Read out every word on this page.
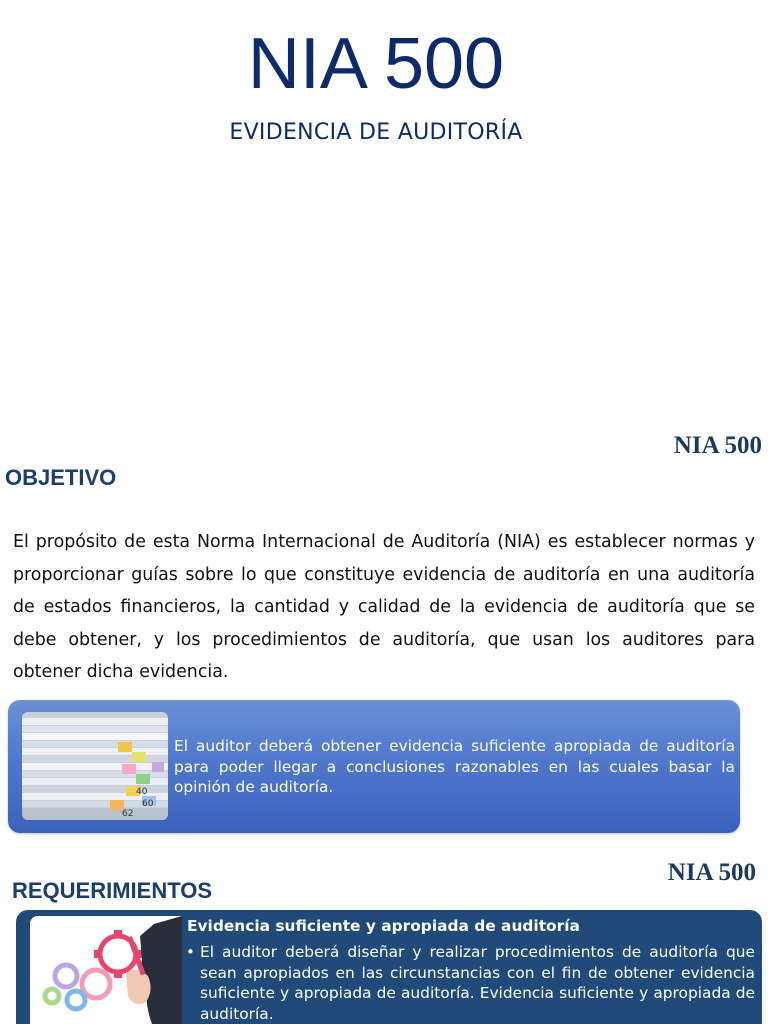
NIA 500
EVIDENCIA DE AUDITORÍA
NIA 500
OBJETIVO
El propósito de esta Norma Internacional de Auditoría (NIA) es establecer normas y proporcionar guías sobre lo que constituye evidencia de auditoría en una auditoría de estados financieros, la cantidad y calidad de la evidencia de auditoría que se debe obtener, y los procedimientos de auditoría, que usan los auditores para obtener dicha evidencia.
40
60
62
El auditor deberá obtener evidencia suficiente apropiada de auditoría para poder llegar a conclusiones razonables en las cuales basar la opinión de auditoría.
NIA 500
REQUERIMIENTOS
Evidencia suficiente y apropiada de auditoría
• El auditor deberá diseñar y realizar procedimientos de auditoría que sean apropiados en las circunstancias con el fin de obtener evidencia suficiente y apropiada de auditoría. Evidencia suficiente y apropiada de auditoría.
